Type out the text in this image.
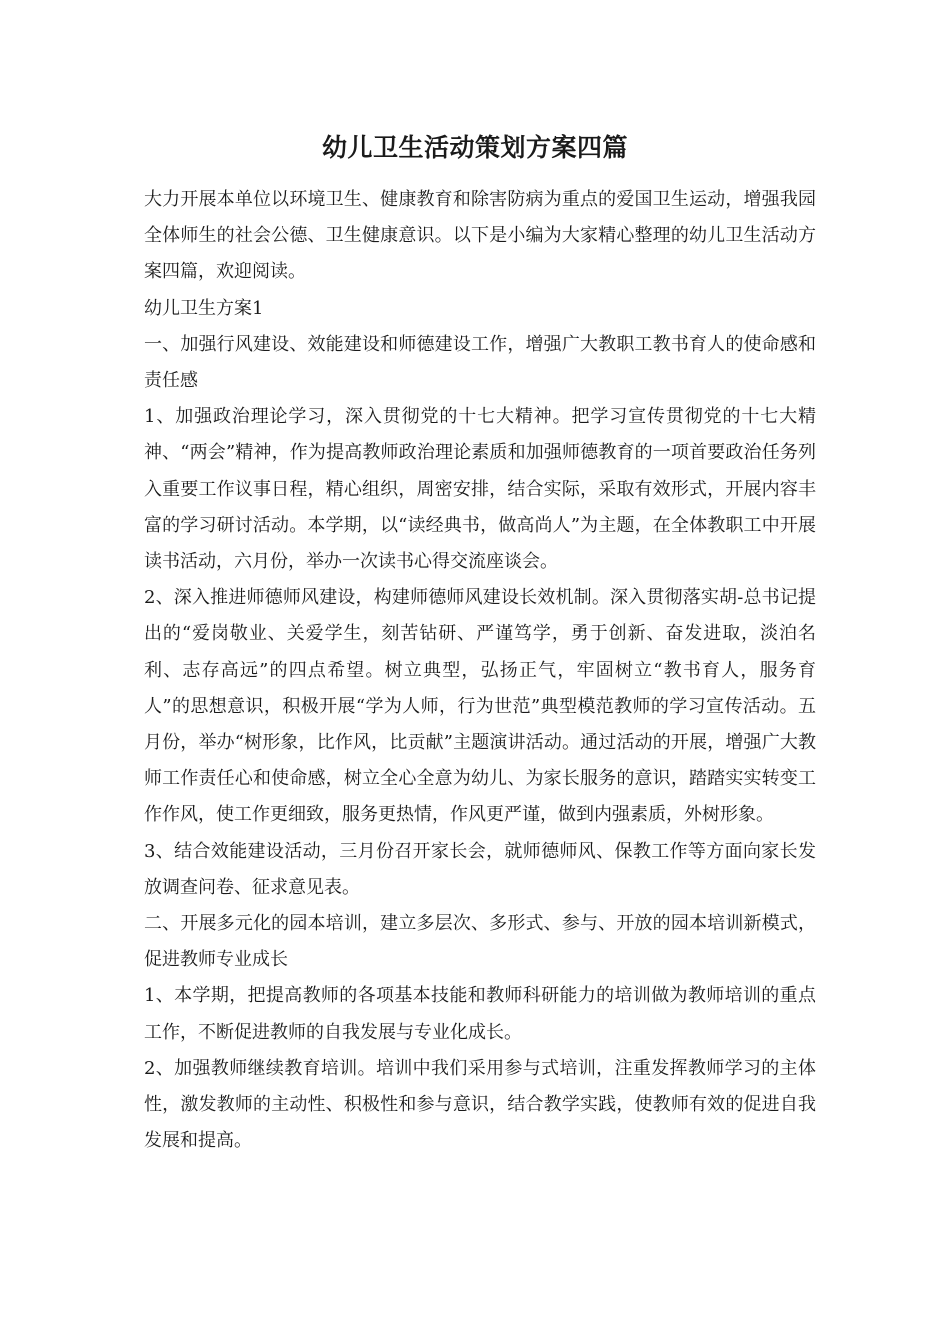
幼儿卫生活动策划方案四篇

大力开展本单位以环境卫生、健康教育和除害防病为重点的爱国卫生运动，增强我园全体师生的社会公德、卫生健康意识。以下是小编为大家精心整理的幼儿卫生活动方案四篇，欢迎阅读。

幼儿卫生方案1

一、加强行风建设、效能建设和师德建设工作，增强广大教职工教书育人的使命感和责任感

1、加强政治理论学习，深入贯彻党的十七大精神。把学习宣传贯彻党的十七大精神、“两会”精神，作为提高教师政治理论素质和加强师德教育的一项首要政治任务列入重要工作议事日程，精心组织，周密安排，结合实际，采取有效形式，开展内容丰富的学习研讨活动。本学期，以“读经典书，做高尚人”为主题，在全体教职工中开展读书活动，六月份，举办一次读书心得交流座谈会。

2、深入推进师德师风建设，构建师德师风建设长效机制。深入贯彻落实胡-总书记提出的“爱岗敬业、关爱学生，刻苦钻研、严谨笃学，勇于创新、奋发进取，淡泊名利、志存高远”的四点希望。树立典型，弘扬正气，牢固树立“教书育人，服务育人”的思想意识，积极开展“学为人师，行为世范”典型模范教师的学习宣传活动。五月份，举办“树形象，比作风，比贡献”主题演讲活动。通过活动的开展，增强广大教师工作责任心和使命感，树立全心全意为幼儿、为家长服务的意识，踏踏实实转变工作作风，使工作更细致，服务更热情，作风更严谨，做到内强素质，外树形象。

3、结合效能建设活动，三月份召开家长会，就师德师风、保教工作等方面向家长发放调查问卷、征求意见表。

二、开展多元化的园本培训，建立多层次、多形式、参与、开放的园本培训新模式，促进教师专业成长

1、本学期，把提高教师的各项基本技能和教师科研能力的培训做为教师培训的重点工作，不断促进教师的自我发展与专业化成长。

2、加强教师继续教育培训。培训中我们采用参与式培训，注重发挥教师学习的主体性，激发教师的主动性、积极性和参与意识，结合教学实践，使教师有效的促进自我发展和提高。
